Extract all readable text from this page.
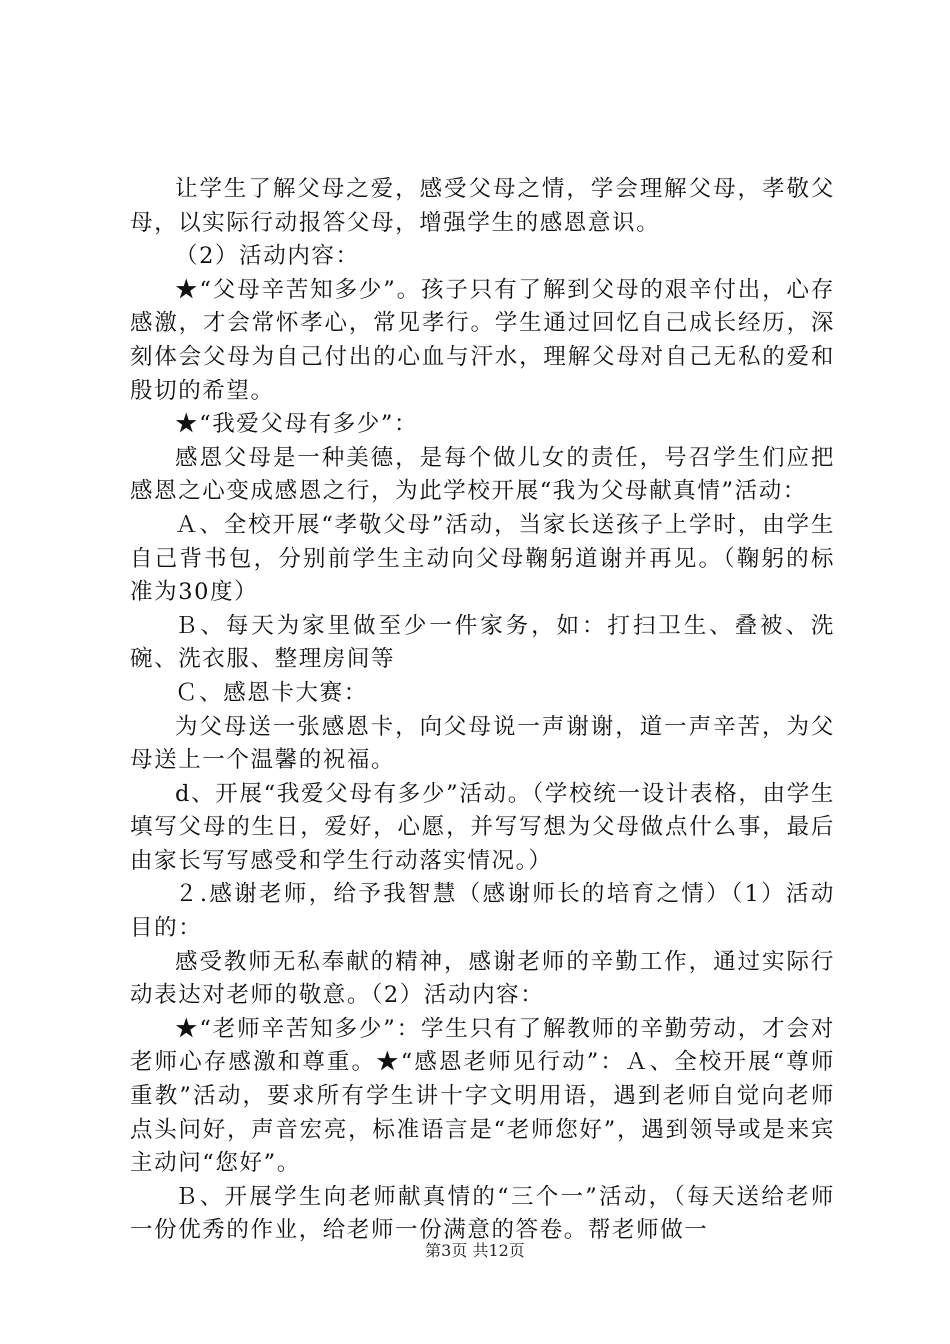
让学生了解父母之爱，感受父母之情，学会理解父母，孝敬父母，以实际行动报答父母，增强学生的感恩意识。

（2）活动内容：

★“父母辛苦知多少”。孩子只有了解到父母的艰辛付出，心存感激，才会常怀孝心，常见孝行。学生通过回忆自己成长经历，深刻体会父母为自己付出的心血与汗水，理解父母对自己无私的爱和殷切的希望。

★“我爱父母有多少”：

感恩父母是一种美德，是每个做儿女的责任，号召学生们应把感恩之心变成感恩之行，为此学校开展“我为父母献真情”活动：

Ａ、全校开展“孝敬父母”活动，当家长送孩子上学时，由学生自己背书包，分别前学生主动向父母鞠躬道谢并再见。（鞠躬的标准为30度）

Ｂ、每天为家里做至少一件家务，如：打扫卫生、叠被、洗碗、洗衣服、整理房间等

Ｃ、感恩卡大赛：

为父母送一张感恩卡，向父母说一声谢谢，道一声辛苦，为父母送上一个温馨的祝福。

d、开展“我爱父母有多少”活动。（学校统一设计表格，由学生填写父母的生日，爱好，心愿，并写写想为父母做点什么事，最后由家长写写感受和学生行动落实情况。）

２.感谢老师，给予我智慧（感谢师长的培育之情）（1）活动目的：

感受教师无私奉献的精神，感谢老师的辛勤工作，通过实际行动表达对老师的敬意。（2）活动内容：

★“老师辛苦知多少”：学生只有了解教师的辛勤劳动，才会对老师心存感激和尊重。★“感恩老师见行动”：Ａ、全校开展“尊师重教”活动，要求所有学生讲十字文明用语，遇到老师自觉向老师点头问好，声音宏亮，标准语言是“老师您好”，遇到领导或是来宾主动问“您好”。

Ｂ、开展学生向老师献真情的“三个一”活动，（每天送给老师一份优秀的作业，给老师一份满意的答卷。帮老师做一

第3页 共12页
